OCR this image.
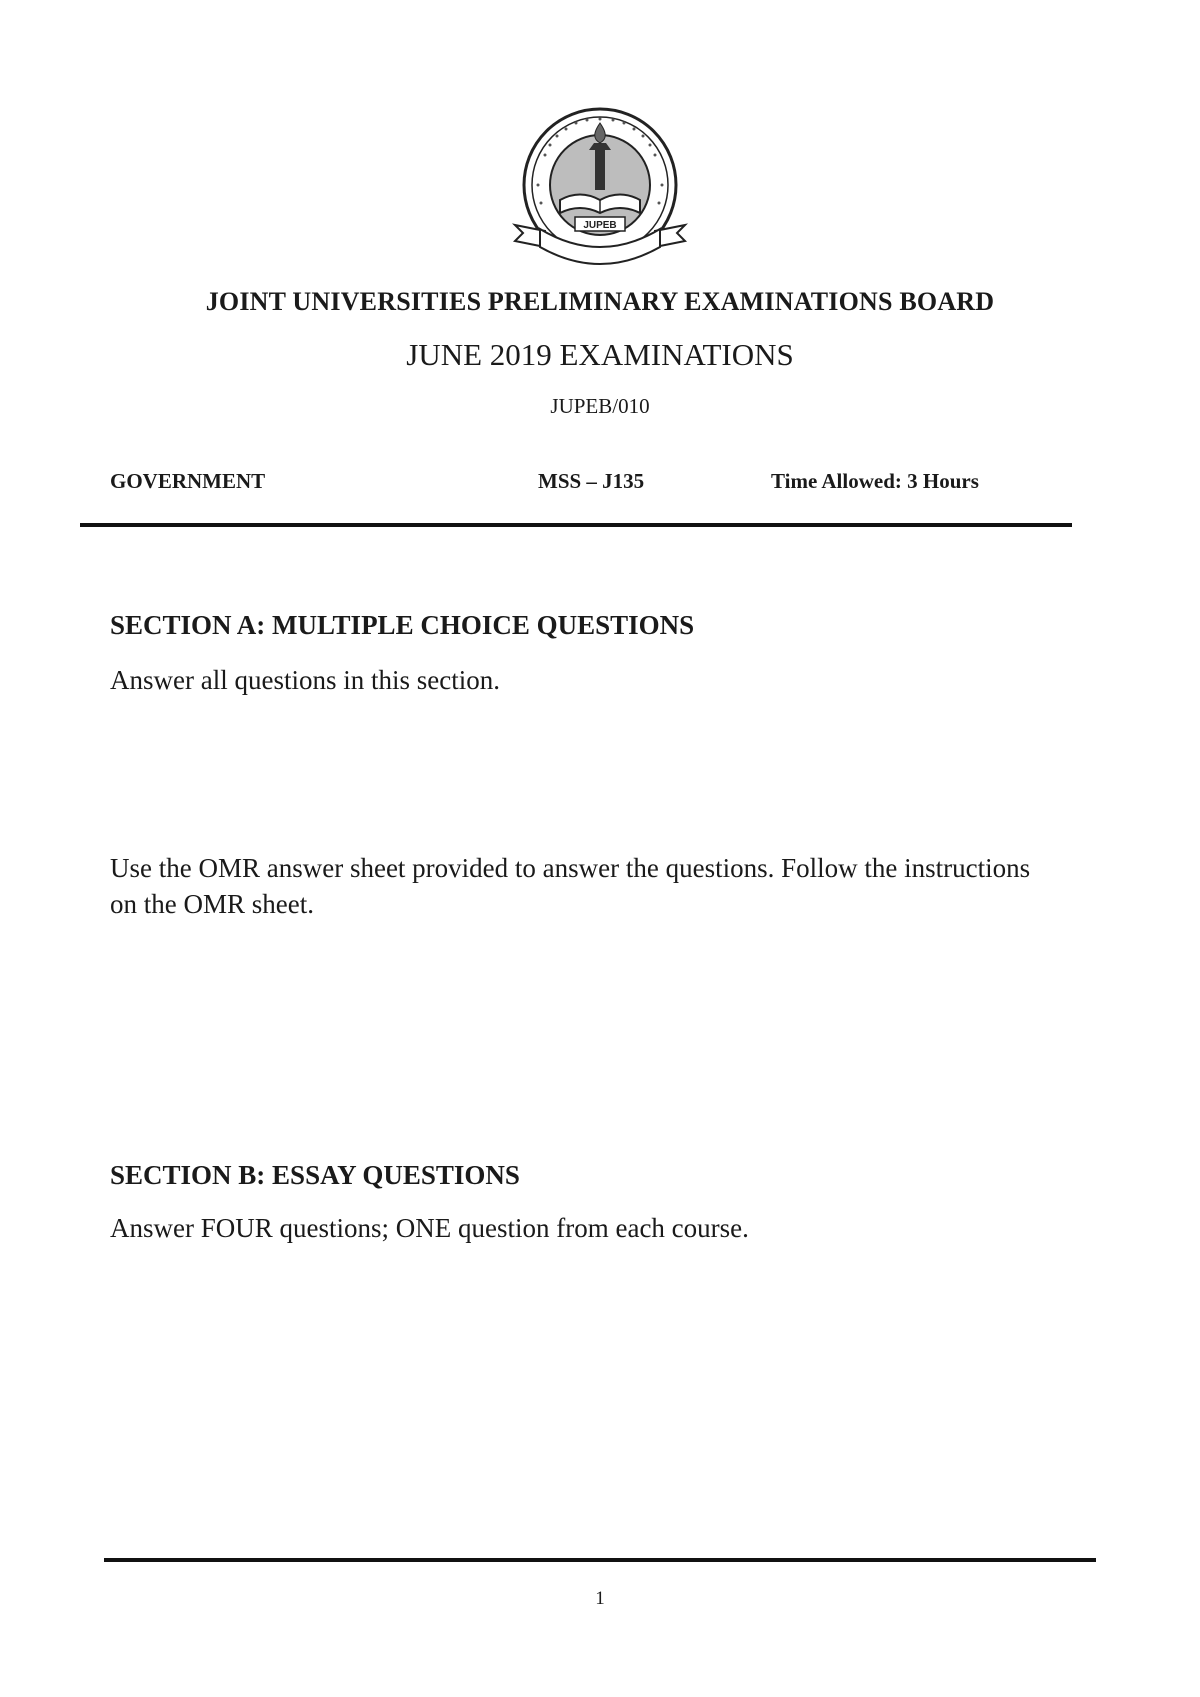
JUPEB
JOINT UNIVERSITIES PRELIMINARY EXAMINATIONS BOARD
JUNE 2019 EXAMINATIONS
JUPEB/010
GOVERNMENT	MSS – J135	Time Allowed: 3 Hours
SECTION A: MULTIPLE CHOICE QUESTIONS
Answer all questions in this section.
Use the OMR answer sheet provided to answer the questions. Follow the instructions
on the OMR sheet.
SECTION B: ESSAY QUESTIONS
Answer FOUR questions; ONE question from each course.
1
